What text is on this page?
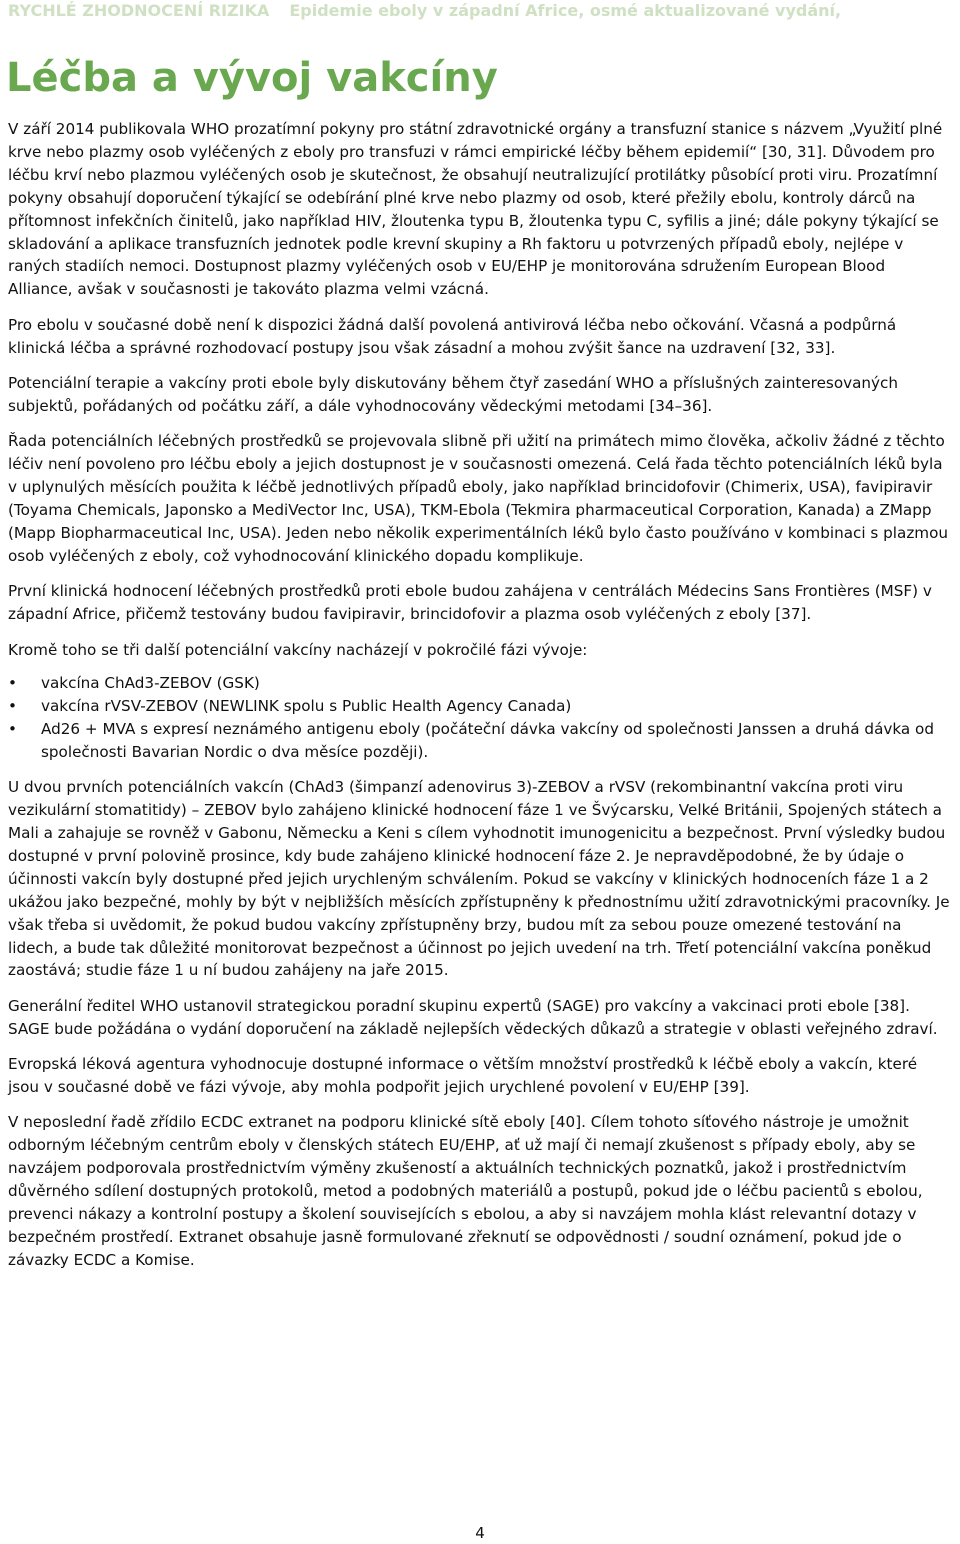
RYCHLÉ ZHODNOCENÍ RIZIKA Epidemie eboly v západní Africe, osmé aktualizované vydání,
Léčba a vývoj vakcíny

V září 2014 publikovala WHO prozatímní pokyny pro státní zdravotnické orgány a transfuzní stanice s názvem „Využití plné krve nebo plazmy osob vyléčených z eboly pro transfuzi v rámci empirické léčby během epidemií“ [30, 31]. Důvodem pro léčbu krví nebo plazmou vyléčených osob je skutečnost, že obsahují neutralizující protilátky působící proti viru. Prozatímní pokyny obsahují doporučení týkající se odebírání plné krve nebo plazmy od osob, které přežily ebolu, kontroly dárců na přítomnost infekčních činitelů, jako například HIV, žloutenka typu B, žloutenka typu C, syfilis a jiné; dále pokyny týkající se skladování a aplikace transfuzních jednotek podle krevní skupiny a Rh faktoru u potvrzených případů eboly, nejlépe v raných stadiích nemoci. Dostupnost plazmy vyléčených osob v EU/EHP je monitorována sdružením European Blood Alliance, avšak v současnosti je takováto plazma velmi vzácná.

Pro ebolu v současné době není k dispozici žádná další povolená antivirová léčba nebo očkování. Včasná a podpůrná klinická léčba a správné rozhodovací postupy jsou však zásadní a mohou zvýšit šance na uzdravení [32, 33].

Potenciální terapie a vakcíny proti ebole byly diskutovány během čtyř zasedání WHO a příslušných zainteresovaných subjektů, pořádaných od počátku září, a dále vyhodnocovány vědeckými metodami [34–36].

Řada potenciálních léčebných prostředků se projevovala slibně při užití na primátech mimo člověka, ačkoliv žádné z těchto léčiv není povoleno pro léčbu eboly a jejich dostupnost je v současnosti omezená. Celá řada těchto potenciálních léků byla v uplynulých měsících použita k léčbě jednotlivých případů eboly, jako například brincidofovir (Chimerix, USA), favipiravir (Toyama Chemicals, Japonsko a MediVector Inc, USA), TKM-Ebola (Tekmira pharmaceutical Corporation, Kanada) a ZMapp (Mapp Biopharmaceutical Inc, USA). Jeden nebo několik experimentálních léků bylo často používáno v kombinaci s plazmou osob vyléčených z eboly, což vyhodnocování klinického dopadu komplikuje.

První klinická hodnocení léčebných prostředků proti ebole budou zahájena v centrálách Médecins Sans Frontières (MSF) v západní Africe, přičemž testovány budou favipiravir, brincidofovir a plazma osob vyléčených z eboly [37].

Kromě toho se tři další potenciální vakcíny nacházejí v pokročilé fázi vývoje:

• vakcína ChAd3-ZEBOV (GSK)
• vakcína rVSV-ZEBOV (NEWLINK spolu s Public Health Agency Canada)
• Ad26 + MVA s expresí neznámého antigenu eboly (počáteční dávka vakcíny od společnosti Janssen a druhá dávka od společnosti Bavarian Nordic o dva měsíce později).

U dvou prvních potenciálních vakcín (ChAd3 (šimpanzí adenovirus 3)-ZEBOV a rVSV (rekombinantní vakcína proti viru vezikulární stomatitidy) – ZEBOV bylo zahájeno klinické hodnocení fáze 1 ve Švýcarsku, Velké Británii, Spojených státech a Mali a zahajuje se rovněž v Gabonu, Německu a Keni s cílem vyhodnotit imunogenicitu a bezpečnost. První výsledky budou dostupné v první polovině prosince, kdy bude zahájeno klinické hodnocení fáze 2. Je nepravděpodobné, že by údaje o účinnosti vakcín byly dostupné před jejich urychleným schválením. Pokud se vakcíny v klinických hodnoceních fáze 1 a 2 ukážou jako bezpečné, mohly by být v nejbližších měsících zpřístupněny k přednostnímu užití zdravotnickými pracovníky. Je však třeba si uvědomit, že pokud budou vakcíny zpřístupněny brzy, budou mít za sebou pouze omezené testování na lidech, a bude tak důležité monitorovat bezpečnost a účinnost po jejich uvedení na trh. Třetí potenciální vakcína poněkud zaostává; studie fáze 1 u ní budou zahájeny na jaře 2015.

Generální ředitel WHO ustanovil strategickou poradní skupinu expertů (SAGE) pro vakcíny a vakcinaci proti ebole [38]. SAGE bude požádána o vydání doporučení na základě nejlepších vědeckých důkazů a strategie v oblasti veřejného zdraví.

Evropská léková agentura vyhodnocuje dostupné informace o větším množství prostředků k léčbě eboly a vakcín, které jsou v současné době ve fázi vývoje, aby mohla podpořit jejich urychlené povolení v EU/EHP [39].

V neposlední řadě zřídilo ECDC extranet na podporu klinické sítě eboly [40]. Cílem tohoto síťového nástroje je umožnit odborným léčebným centrům eboly v členských státech EU/EHP, ať už mají či nemají zkušenost s případy eboly, aby se navzájem podporovala prostřednictvím výměny zkušeností a aktuálních technických poznatků, jakož i prostřednictvím důvěrného sdílení dostupných protokolů, metod a podobných materiálů a postupů, pokud jde o léčbu pacientů s ebolou, prevenci nákazy a kontrolní postupy a školení souvisejících s ebolou, a aby si navzájem mohla klást relevantní dotazy v bezpečném prostředí. Extranet obsahuje jasně formulované zřeknutí se odpovědnosti / soudní oznámení, pokud jde o závazky ECDC a Komise.

4
